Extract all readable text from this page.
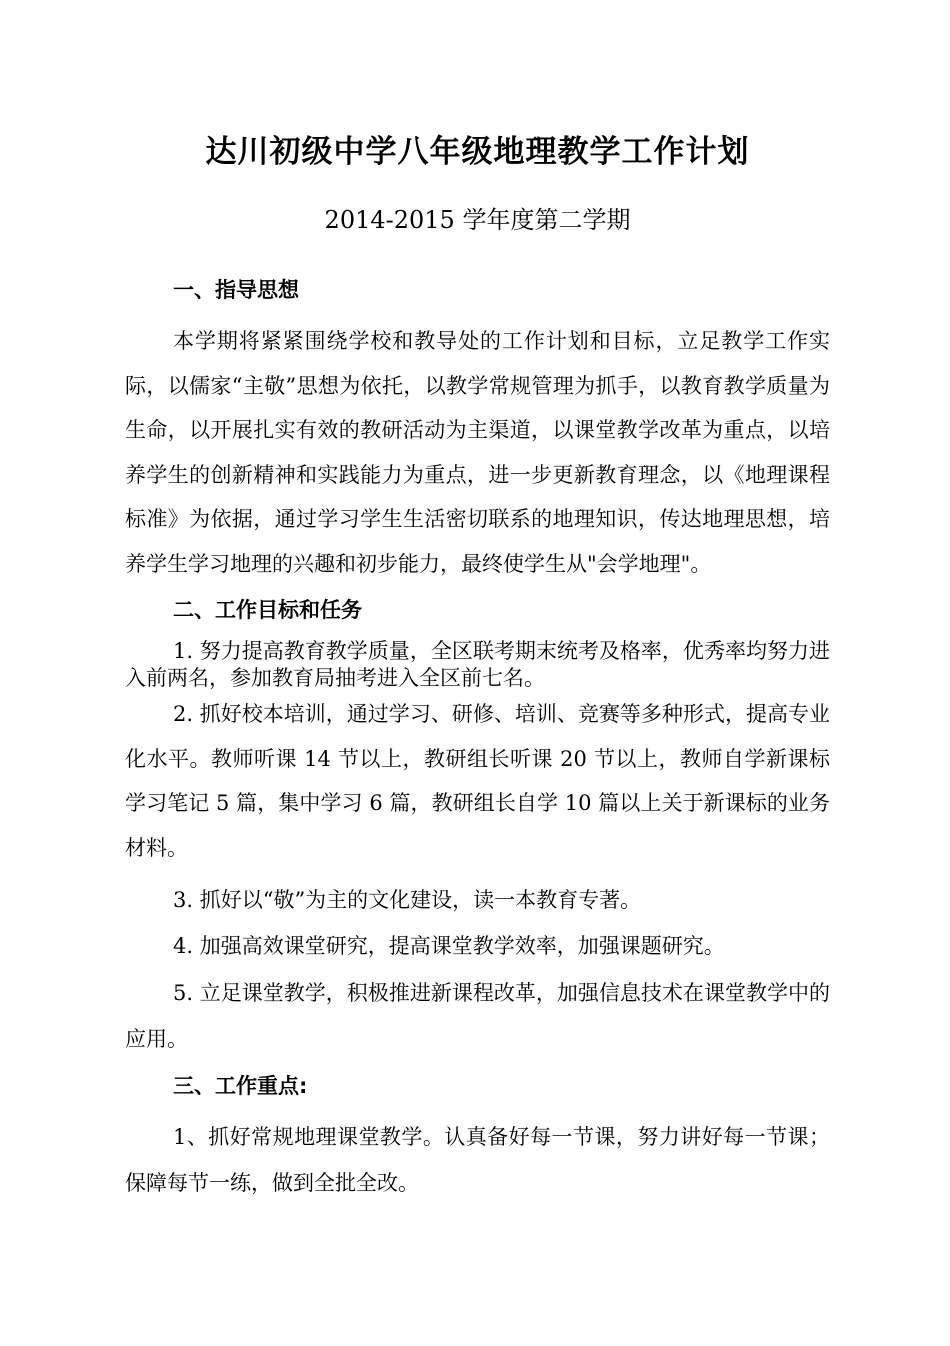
达川初级中学八年级地理教学工作计划

2014-2015 学年度第二学期

一、指导思想

本学期将紧紧围绕学校和教导处的工作计划和目标，立足教学工作实际，以儒家“主敬”思想为依托，以教学常规管理为抓手，以教育教学质量为生命，以开展扎实有效的教研活动为主渠道，以课堂教学改革为重点，以培养学生的创新精神和实践能力为重点，进一步更新教育理念，以《地理课程标准》为依据，通过学习学生生活密切联系的地理知识，传达地理思想，培养学生学习地理的兴趣和初步能力，最终使学生从"会学地理"。

二、工作目标和任务

1. 努力提高教育教学质量，全区联考期末统考及格率，优秀率均努力进入前两名，参加教育局抽考进入全区前七名。

2. 抓好校本培训，通过学习、研修、培训、竞赛等多种形式，提高专业化水平。教师听课 14 节以上，教研组长听课 20 节以上，教师自学新课标学习笔记 5 篇，集中学习 6 篇，教研组长自学 10 篇以上关于新课标的业务材料。

3. 抓好以“敬”为主的文化建设，读一本教育专著。

4. 加强高效课堂研究，提高课堂教学效率，加强课题研究。

5. 立足课堂教学，积极推进新课程改革，加强信息技术在课堂教学中的应用。

三、工作重点:

1、抓好常规地理课堂教学。认真备好每一节课，努力讲好每一节课；保障每节一练，做到全批全改。
